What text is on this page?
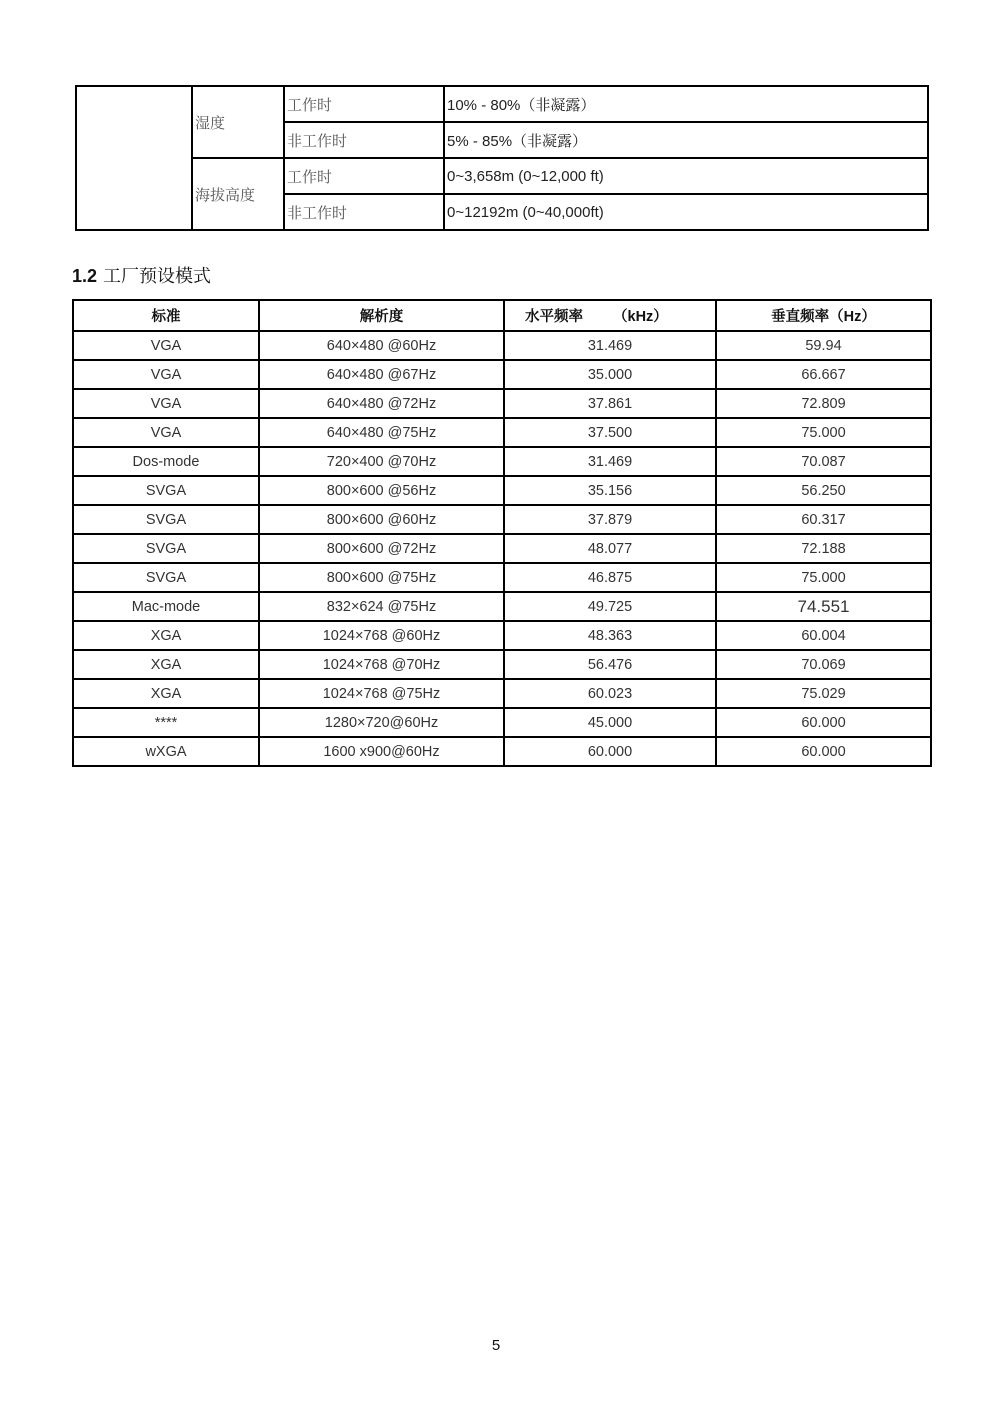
	湿度	工作时	10% - 80%（非凝露）
		非工作时	5% - 85%（非凝露）
	海拔高度	工作时	0~3,658m (0~12,000 ft)
		非工作时	0~12192m (0~40,000ft)
1.2 工厂预设模式
标准	解析度	水平频率 （kHz）	垂直频率（Hz）
VGA	640×480 @60Hz	31.469	59.94
VGA	640×480 @67Hz	35.000	66.667
VGA	640×480 @72Hz	37.861	72.809
VGA	640×480 @75Hz	37.500	75.000
Dos-mode	720×400 @70Hz	31.469	70.087
SVGA	800×600 @56Hz	35.156	56.250
SVGA	800×600 @60Hz	37.879	60.317
SVGA	800×600 @72Hz	48.077	72.188
SVGA	800×600 @75Hz	46.875	75.000
Mac-mode	832×624 @75Hz	49.725	74.551
XGA	1024×768 @60Hz	48.363	60.004
XGA	1024×768 @70Hz	56.476	70.069
XGA	1024×768 @75Hz	60.023	75.029
****	1280×720@60Hz	45.000	60.000
wXGA	1600 x900@60Hz	60.000	60.000
5
